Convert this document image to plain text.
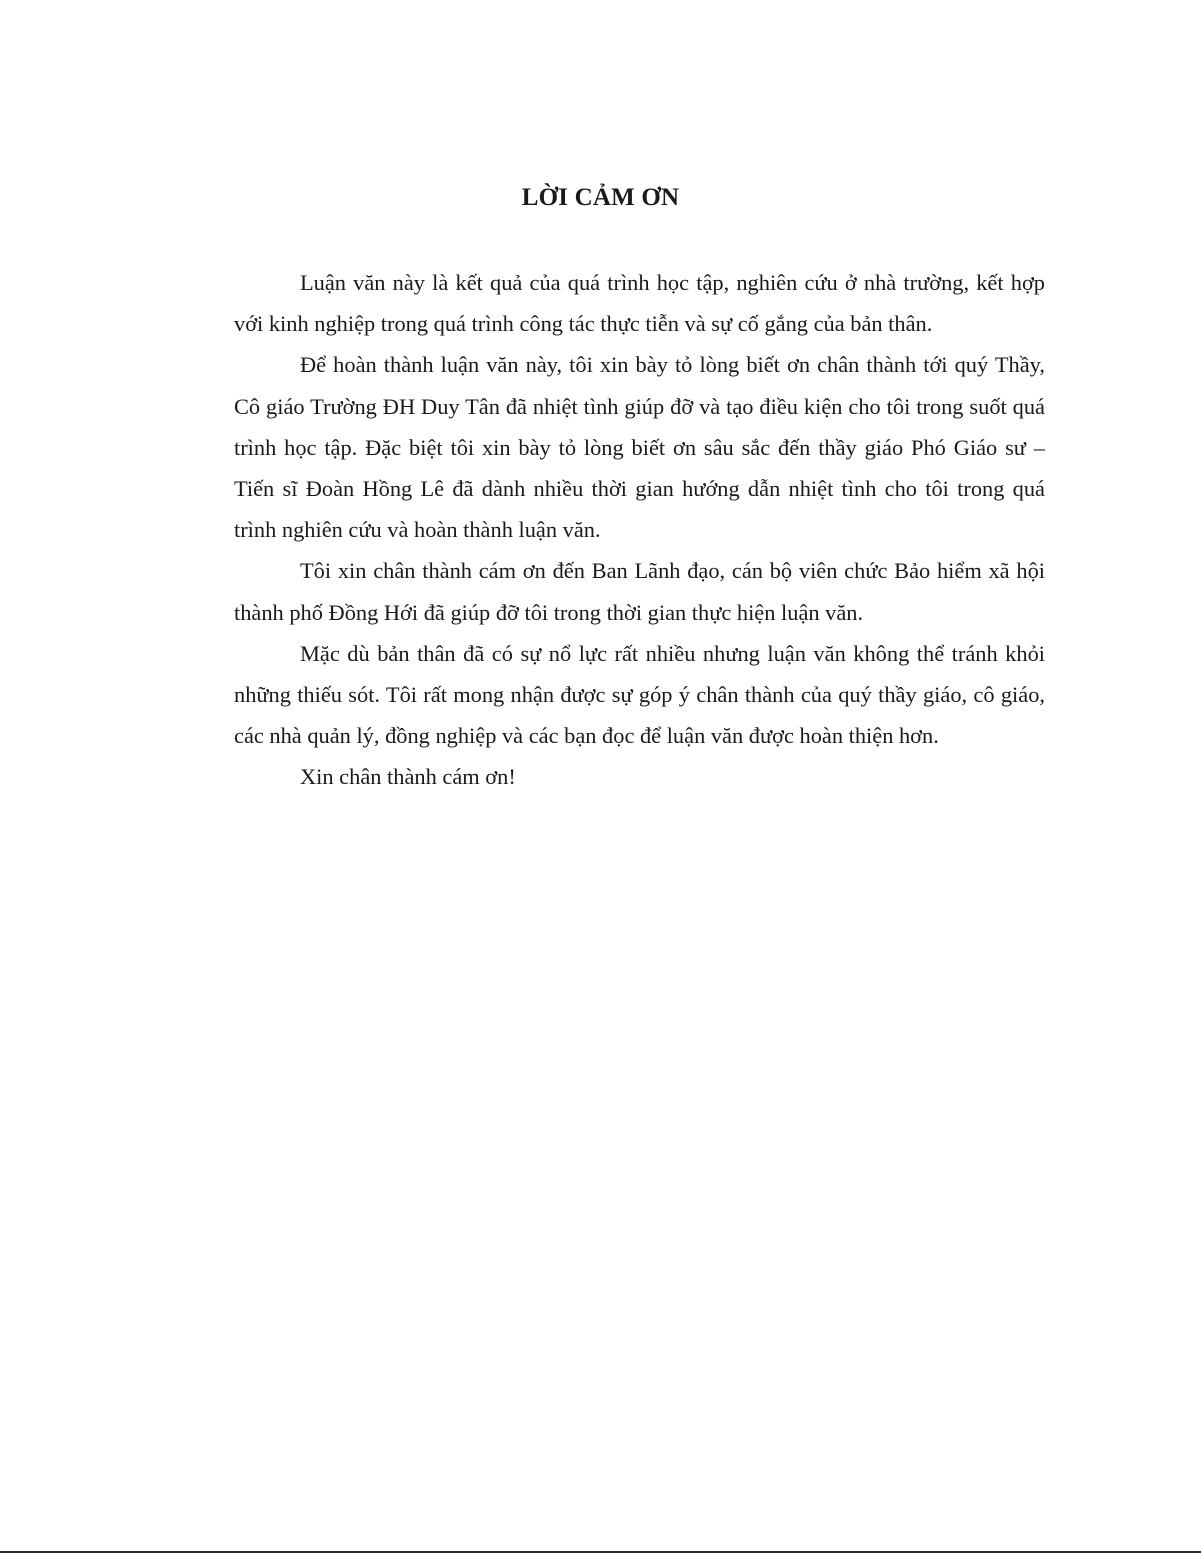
LỜI CẢM ƠN

Luận văn này là kết quả của quá trình học tập, nghiên cứu ở nhà trường, kết hợp với kinh nghiệp trong quá trình công tác thực tiễn và sự cố gắng của bản thân.

Để hoàn thành luận văn này, tôi xin bày tỏ lòng biết ơn chân thành tới quý Thầy, Cô giáo Trường ĐH Duy Tân đã nhiệt tình giúp đỡ và tạo điều kiện cho tôi trong suốt quá trình học tập. Đặc biệt tôi xin bày tỏ lòng biết ơn sâu sắc đến thầy giáo Phó Giáo sư – Tiến sĩ Đoàn Hồng Lê đã dành nhiều thời gian hướng dẫn nhiệt tình cho tôi trong quá trình nghiên cứu và hoàn thành luận văn.

Tôi xin chân thành cám ơn đến Ban Lãnh đạo, cán bộ viên chức Bảo hiểm xã hội thành phố Đồng Hới đã giúp đỡ tôi trong thời gian thực hiện luận văn.

Mặc dù bản thân đã có sự nổ lực rất nhiều nhưng luận văn không thể tránh khỏi những thiếu sót. Tôi rất mong nhận được sự góp ý chân thành của quý thầy giáo, cô giáo, các nhà quản lý, đồng nghiệp và các bạn đọc để luận văn được hoàn thiện hơn.

Xin chân thành cám ơn!
